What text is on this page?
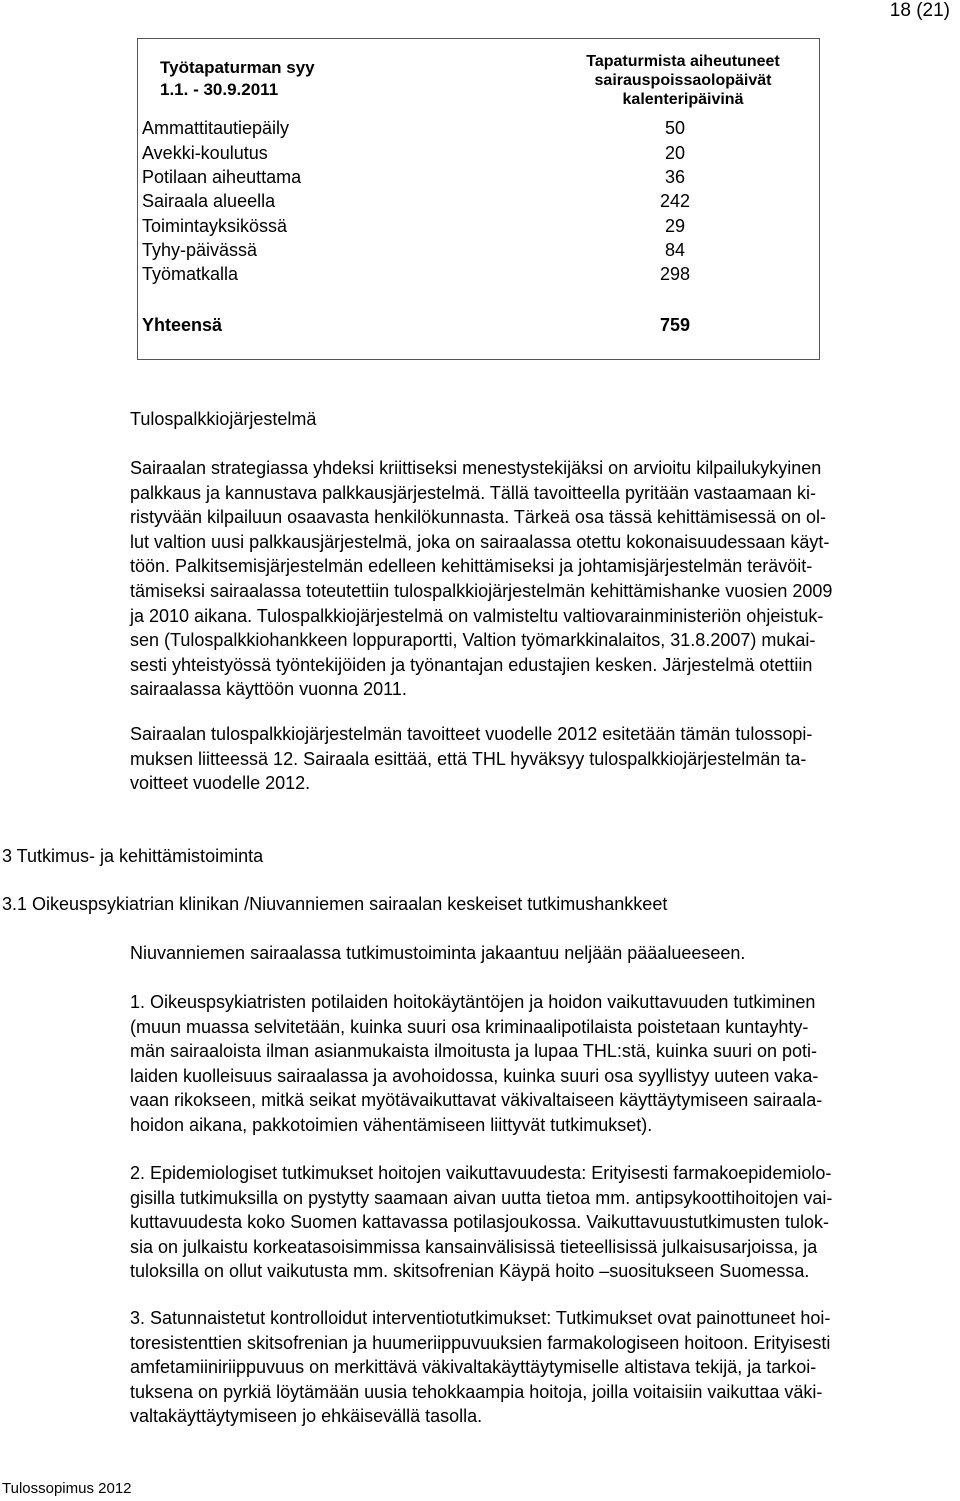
18 (21)
Työtapaturman syy
1.1. - 30.9.2011
Tapaturmista aiheutuneet
sairauspoissaolopäivät
kalenteripäivinä
Ammattitautiepäily	50
Avekki-koulutus	20
Potilaan aiheuttama	36
Sairaala alueella	242
Toimintayksikössä	29
Tyhy-päivässä	84
Työmatkalla	298
Yhteensä	759
Tulospalkkiojärjestelmä
Sairaalan strategiassa yhdeksi kriittiseksi menestystekijäksi on arvioitu kilpailukykyinen
palkkaus ja kannustava palkkausjärjestelmä. Tällä tavoitteella pyritään vastaamaan ki-
ristyvään kilpailuun osaavasta henkilökunnasta. Tärkeä osa tässä kehittämisessä on ol-
lut valtion uusi palkkausjärjestelmä, joka on sairaalassa otettu kokonaisuudessaan käyt-
töön. Palkitsemisjärjestelmän edelleen kehittämiseksi ja johtamisjärjestelmän terävöit-
tämiseksi sairaalassa toteutettiin tulospalkkiojärjestelmän kehittämishanke vuosien 2009
ja 2010 aikana. Tulospalkkiojärjestelmä on valmisteltu valtiovarainministeriön ohjeistuk-
sen (Tulospalkkiohankkeen loppuraportti, Valtion työmarkkinalaitos, 31.8.2007) mukai-
sesti yhteistyössä työntekijöiden ja työnantajan edustajien kesken. Järjestelmä otettiin
sairaalassa käyttöön vuonna 2011.
Sairaalan tulospalkkiojärjestelmän tavoitteet vuodelle 2012 esitetään tämän tulossopi-
muksen liitteessä 12. Sairaala esittää, että THL hyväksyy tulospalkkiojärjestelmän ta-
voitteet vuodelle 2012.
3 Tutkimus- ja kehittämistoiminta
3.1 Oikeuspsykiatrian klinikan /Niuvanniemen sairaalan keskeiset tutkimushankkeet
Niuvanniemen sairaalassa tutkimustoiminta jakaantuu neljään pääalueeseen.
1. Oikeuspsykiatristen potilaiden hoitokäytäntöjen ja hoidon vaikuttavuuden tutkiminen
(muun muassa selvitetään, kuinka suuri osa kriminaalipotilaista poistetaan kuntayhty-
män sairaaloista ilman asianmukaista ilmoitusta ja lupaa THL:stä, kuinka suuri on poti-
laiden kuolleisuus sairaalassa ja avohoidossa, kuinka suuri osa syyllistyy uuteen vaka-
vaan rikokseen, mitkä seikat myötävaikuttavat väkivaltaiseen käyttäytymiseen sairaala-
hoidon aikana, pakkotoimien vähentämiseen liittyvät tutkimukset).
2. Epidemiologiset tutkimukset hoitojen vaikuttavuudesta: Erityisesti farmakoepidemiolo-
gisilla tutkimuksilla on pystytty saamaan aivan uutta tietoa mm. antipsykoottihoitojen vai-
kuttavuudesta koko Suomen kattavassa potilasjoukossa. Vaikuttavuustutkimusten tulok-
sia on julkaistu korkeatasoisimmissa kansainvälisissä tieteellisissä julkaisusarjoissa, ja
tuloksilla on ollut vaikutusta mm. skitsofrenian Käypä hoito –suositukseen Suomessa.
3. Satunnaistetut kontrolloidut interventiotutkimukset: Tutkimukset ovat painottuneet hoi-
toresistenttien skitsofrenian ja huumeriippuvuuksien farmakologiseen hoitoon. Erityisesti
amfetamiiniriippuvuus on merkittävä väkivaltakäyttäytymiselle altistava tekijä, ja tarkoi-
tuksena on pyrkiä löytämään uusia tehokkaampia hoitoja, joilla voitaisiin vaikuttaa väki-
valtakäyttäytymiseen jo ehkäisevällä tasolla.
Tulossopimus 2012
